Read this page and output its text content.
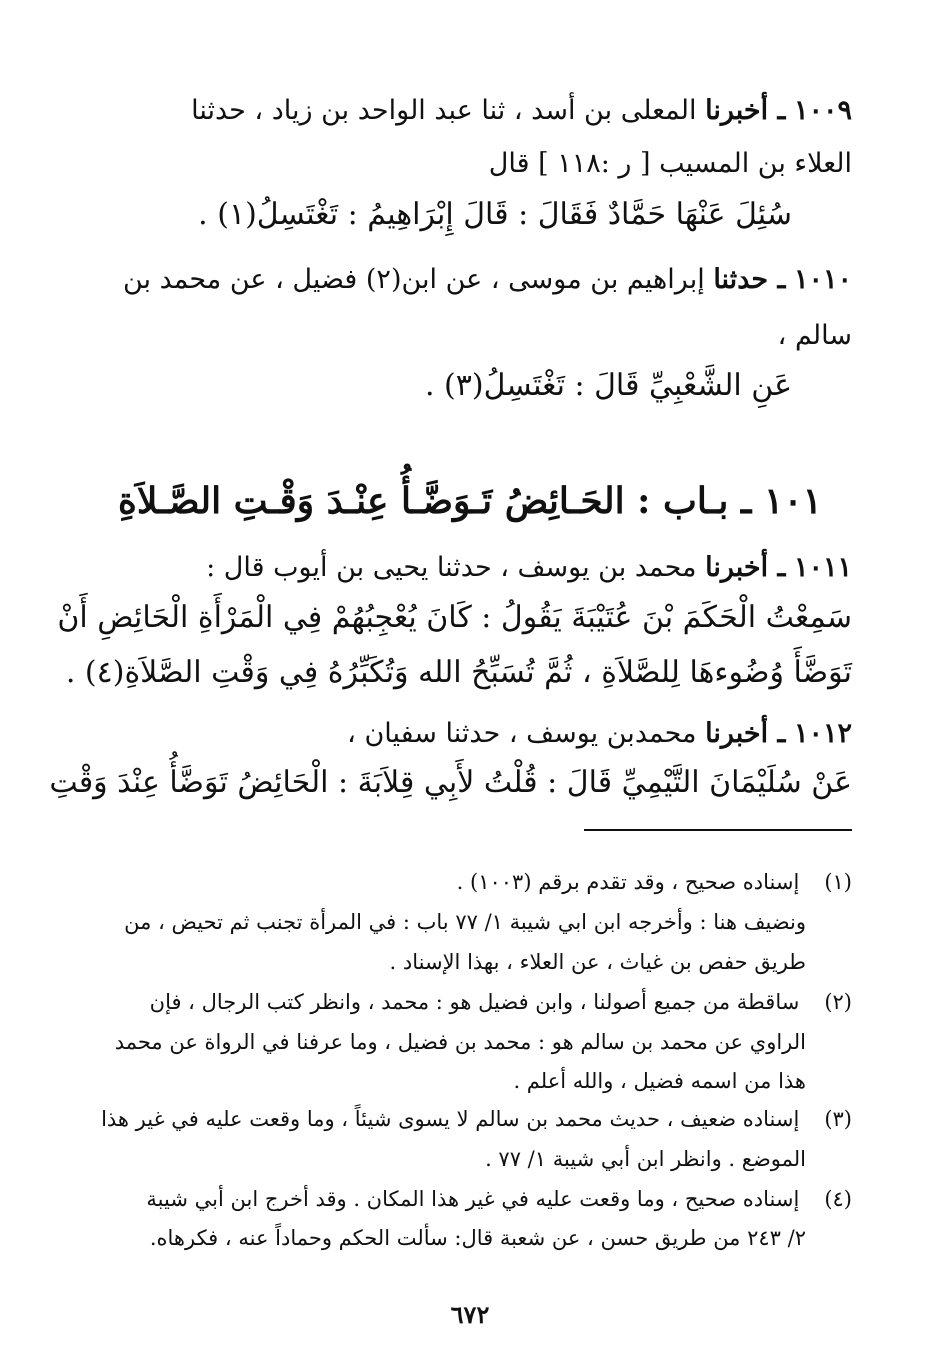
١٠٠٩ ـ أخبرنا المعلى بن أسد ، ثنا عبد الواحد بن زياد ، حدثنا
العلاء بن المسيب [ ر :١١٨ ] قال
سُئِلَ عَنْهَا حَمَّادٌ فَقَالَ : قَالَ إِبْرَاهِيمُ : تَغْتَسِلُ(١) .
١٠١٠ ـ حدثنا إبراهيم بن موسى ، عن ابن(٢) فضيل ، عن محمد بن
سالم ،
عَنِ الشَّعْبِيِّ قَالَ : تَغْتَسِلُ(٣) .
١٠١ ـ بـاب : الحَـائِضُ تَـوَضَّـأُ عِنْـدَ وَقْـتِ الصَّـلاَةِ
١٠١١ ـ أخبرنا محمد بن يوسف ، حدثنا يحيى بن أيوب قال :
سَمِعْتُ الْحَكَمَ بْنَ عُتَيْبَةَ يَقُولُ : كَانَ يُعْجِبُهُمْ فِي الْمَرْأَةِ الْحَائِضِ أَنْ
تَوَضَّأَ وُضُوءهَا لِلصَّلاَةِ ، ثُمَّ تُسَبِّحُ الله وَتُكَبِّرُهُ فِي وَقْتِ الصَّلاَةِ(٤) .
١٠١٢ ـ أخبرنا محمدبن يوسف ، حدثنا سفيان ،
عَنْ سُلَيْمَانَ التَّيْمِيِّ قَالَ : قُلْتُ لأَبِي قِلاَبَةَ : الْحَائِضُ تَوَضَّأُ عِنْدَ وَقْتِ
(١) إسناده صحيح ، وقد تقدم برقم (١٠٠٣) .
ونضيف هنا : وأخرجه ابن ابي شيبة ١/ ٧٧ باب : في المرأة تجنب ثم تحيض ، من
طريق حفص بن غياث ، عن العلاء ، بهذا الإسناد .
(٢) ساقطة من جميع أصولنا ، وابن فضيل هو : محمد ، وانظر كتب الرجال ، فإن
الراوي عن محمد بن سالم هو : محمد بن فضيل ، وما عرفنا في الرواة عن محمد
هذا من اسمه فضيل ، والله أعلم .
(٣) إسناده ضعيف ، حديث محمد بن سالم لا يسوى شيئاً ، وما وقعت عليه في غير هذا
الموضع . وانظر ابن أبي شيبة ١/ ٧٧ .
(٤) إسناده صحيح ، وما وقعت عليه في غير هذا المكان . وقد أخرج ابن أبي شيبة
٢/ ٢٤٣ من طريق حسن ، عن شعبة قال: سألت الحكم وحماداً عنه ، فكرهاه.
٦٧٢
